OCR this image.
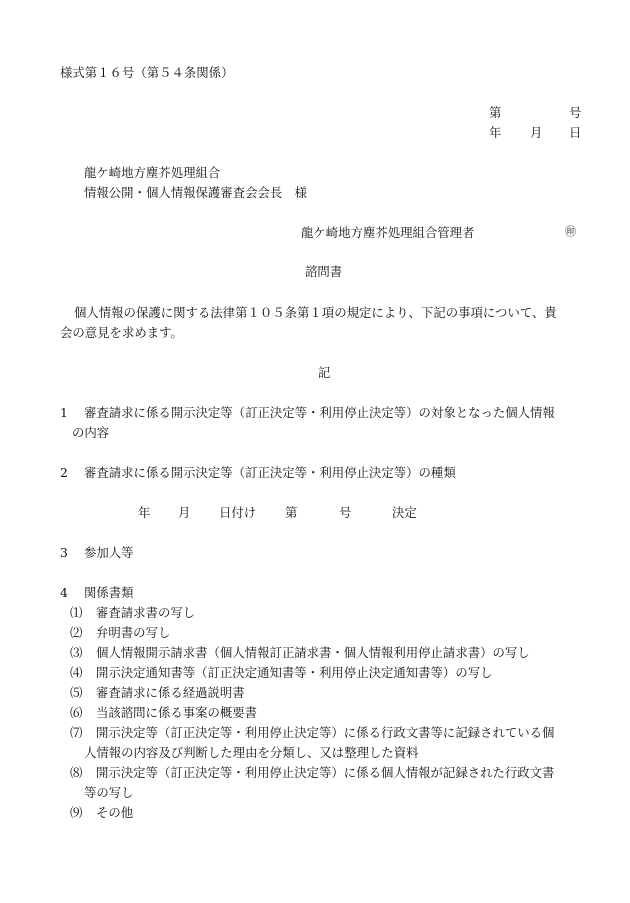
様式第１６号（第５４条関係）
第	号
年 月 日
龍ケ崎地方塵芥処理組合
情報公開・個人情報保護審査会会長　様
龍ケ崎地方塵芥処理組合管理者	㊞
諮問書
個人情報の保護に関する法律第１０５条第１項の規定により、下記の事項について、貴
会の意見を求めます。
記
1 審査請求に係る開示決定等（訂正決定等・利用停止決定等）の対象となった個人情報
の内容
2 審査請求に係る開示決定等（訂正決定等・利用停止決定等）の種類
年 月 日付け 第	号	決定
3 参加人等
4 関係書類
⑴ 審査請求書の写し
⑵ 弁明書の写し
⑶ 個人情報開示請求書（個人情報訂正請求書・個人情報利用停止請求書）の写し
⑷ 開示決定通知書等（訂正決定通知書等・利用停止決定通知書等）の写し
⑸ 審査請求に係る経過説明書
⑹ 当該諮問に係る事案の概要書
⑺ 開示決定等（訂正決定等・利用停止決定等）に係る行政文書等に記録されている個
人情報の内容及び判断した理由を分類し、又は整理した資料
⑻ 開示決定等（訂正決定等・利用停止決定等）に係る個人情報が記録された行政文書
等の写し
⑼ その他
